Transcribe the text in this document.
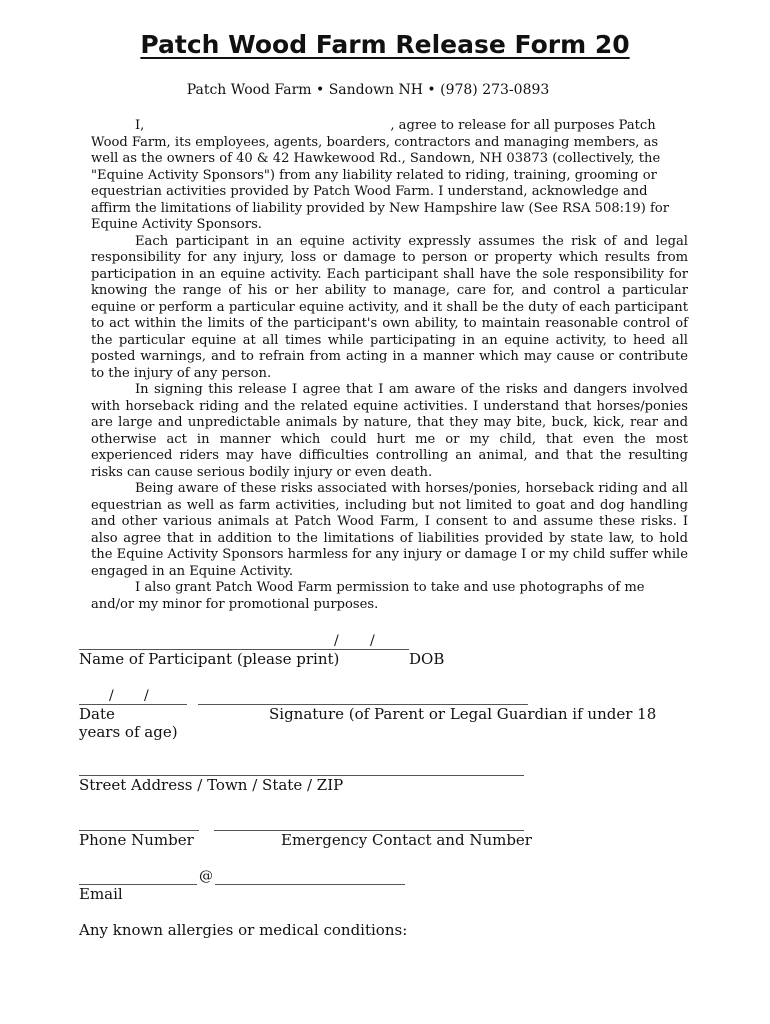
Patch Wood Farm Release Form 20
Patch Wood Farm • Sandown NH • (978) 273-0893

I,	, agree to release for all purposes Patch Wood Farm, its employees, agents, boarders, contractors and managing members, as well as the owners of 40 & 42 Hawkewood Rd., Sandown, NH 03873 (collectively, the "Equine Activity Sponsors") from any liability related to riding, training, grooming or equestrian activities provided by Patch Wood Farm. I understand, acknowledge and affirm the limitations of liability provided by New Hampshire law (See RSA 508:19) for Equine Activity Sponsors.

Each participant in an equine activity expressly assumes the risk of and legal responsibility for any injury, loss or damage to person or property which results from participation in an equine activity. Each participant shall have the sole responsibility for knowing the range of his or her ability to manage, care for, and control a particular equine or perform a particular equine activity, and it shall be the duty of each participant to act within the limits of the participant's own ability, to maintain reasonable control of the particular equine at all times while participating in an equine activity, to heed all posted warnings, and to refrain from acting in a manner which may cause or contribute to the injury of any person.

In signing this release I agree that I am aware of the risks and dangers involved with horseback riding and the related equine activities. I understand that horses/ponies are large and unpredictable animals by nature, that they may bite, buck, kick, rear and otherwise act in manner which could hurt me or my child, that even the most experienced riders may have difficulties controlling an animal, and that the resulting risks can cause serious bodily injury or even death.

Being aware of these risks associated with horses/ponies, horseback riding and all equestrian as well as farm activities, including but not limited to goat and dog handling and other various animals at Patch Wood Farm, I consent to and assume these risks. I also agree that in addition to the limitations of liabilities provided by state law, to hold the Equine Activity Sponsors harmless for any injury or damage I or my child suffer while engaged in an Equine Activity.

I also grant Patch Wood Farm permission to take and use photographs of me and/or my minor for promotional purposes.

/ /
Name of Participant (please print)	DOB
/ /
Date	Signature (of Parent or Legal Guardian if under 18 years of age)
Street Address / Town / State / ZIP
Phone Number	Emergency Contact and Number
@
Email
Any known allergies or medical conditions:
